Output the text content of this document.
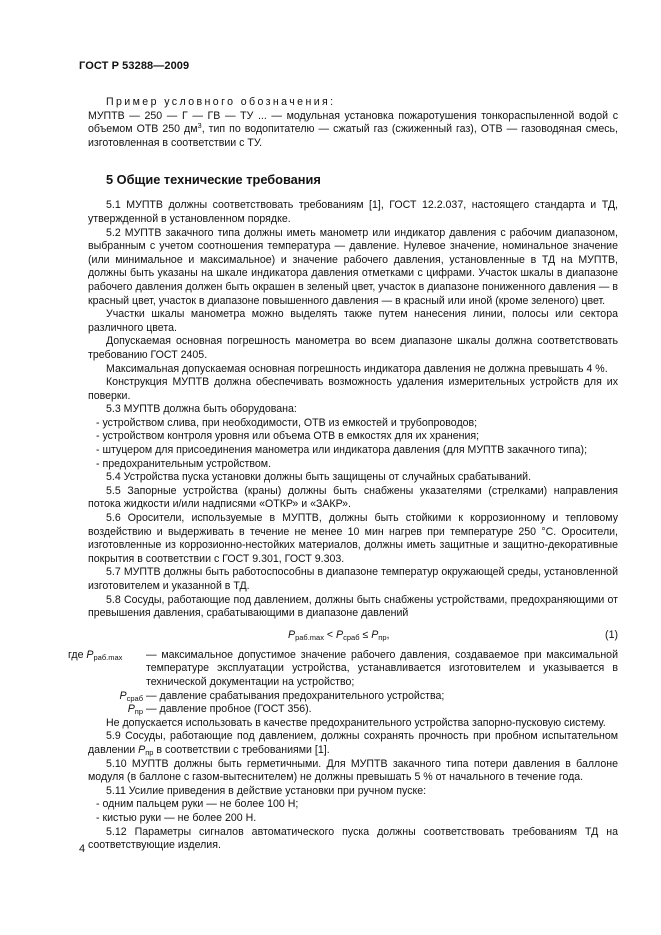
ГОСТ Р 53288—2009

Пример условного обозначения:

МУПТВ — 250 — Г — ГВ — ТУ ... — модульная установка пожаротушения тонкораспыленной водой с объемом ОТВ 250 $дм^3$, тип по водопитателю — сжатый газ (сжиженный газ), ОТВ — газоводяная смесь, изготовленная в соответствии с ТУ.

5 Общие технические требования

5.1 МУПТВ должны соответствовать требованиям [1], ГОСТ 12.2.037, настоящего стандарта и ТД, утвержденной в установленном порядке.

5.2 МУПТВ закачного типа должны иметь манометр или индикатор давления с рабочим диапазоном, выбранным с учетом соотношения температура — давление. Нулевое значение, номинальное значение (или минимальное и максимальное) и значение рабочего давления, установленные в ТД на МУПТВ, должны быть указаны на шкале индикатора давления отметками с цифрами. Участок шкалы в диапазоне рабочего давления должен быть окрашен в зеленый цвет, участок в диапазоне пониженного давления — в красный цвет, участок в диапазоне повышенного давления — в красный или иной (кроме зеленого) цвет.

Участки шкалы манометра можно выделять также путем нанесения линии, полосы или сектора различного цвета.

Допускаемая основная погрешность манометра во всем диапазоне шкалы должна соответствовать требованию ГОСТ 2405.

Максимальная допускаемая основная погрешность индикатора давления не должна превышать 4 %.

Конструкция МУПТВ должна обеспечивать возможность удаления измерительных устройств для их поверки.

5.3 МУПТВ должна быть оборудована:

- устройством слива, при необходимости, ОТВ из емкостей и трубопроводов;

- устройством контроля уровня или объема ОТВ в емкостях для их хранения;

- штуцером для присоединения манометра или индикатора давления (для МУПТВ закачного типа);

- предохранительным устройством.

5.4 Устройства пуска установки должны быть защищены от случайных срабатываний.

5.5 Запорные устройства (краны) должны быть снабжены указателями (стрелками) направления потока жидкости и/или надписями «ОТКР» и «ЗАКР».

5.6 Оросители, используемые в МУПТВ, должны быть стойкими к коррозионному и тепловому воздействию и выдерживать в течение не менее 10 мин нагрев при температуре 250 °С. Оросители, изготовленные из коррозионно-нестойких материалов, должны иметь защитные и защитно-декоративные покрытия в соответствии с ГОСТ 9.301, ГОСТ 9.303.

5.7 МУПТВ должны быть работоспособны в диапазоне температур окружающей среды, установленной изготовителем и указанной в ТД.

5.8 Сосуды, работающие под давлением, должны быть снабжены устройствами, предохраняющими от превышения давления, срабатывающими в диапазоне давлений

$P_{раб.max} < P_{сраб} \le P_{пр}$,	(1)
где $P_{раб.max}$	— максимальное допустимое значение рабочего давления, создаваемое при максимальной температуре эксплуатации устройства, устанавливается изготовителем и указывается в технической документации на устройство;
$P_{сраб}$ — давление срабатывания предохранительного устройства;
$P_{пр}$ — давление пробное (ГОСТ 356).

Не допускается использовать в качестве предохранительного устройства запорно-пусковую систему.

5.9 Сосуды, работающие под давлением, должны сохранять прочность при пробном испытательном давлении $P_{пр}$ в соответствии с требованиями [1].

5.10 МУПТВ должны быть герметичными. Для МУПТВ закачного типа потери давления в баллоне модуля (в баллоне с газом-вытеснителем) не должны превышать 5 % от начального в течение года.

5.11 Усилие приведения в действие установки при ручном пуске:

- одним пальцем руки — не более 100 Н;

- кистью руки — не более 200 Н.

5.12 Параметры сигналов автоматического пуска должны соответствовать требованиям ТД на соответствующие изделия.

4
